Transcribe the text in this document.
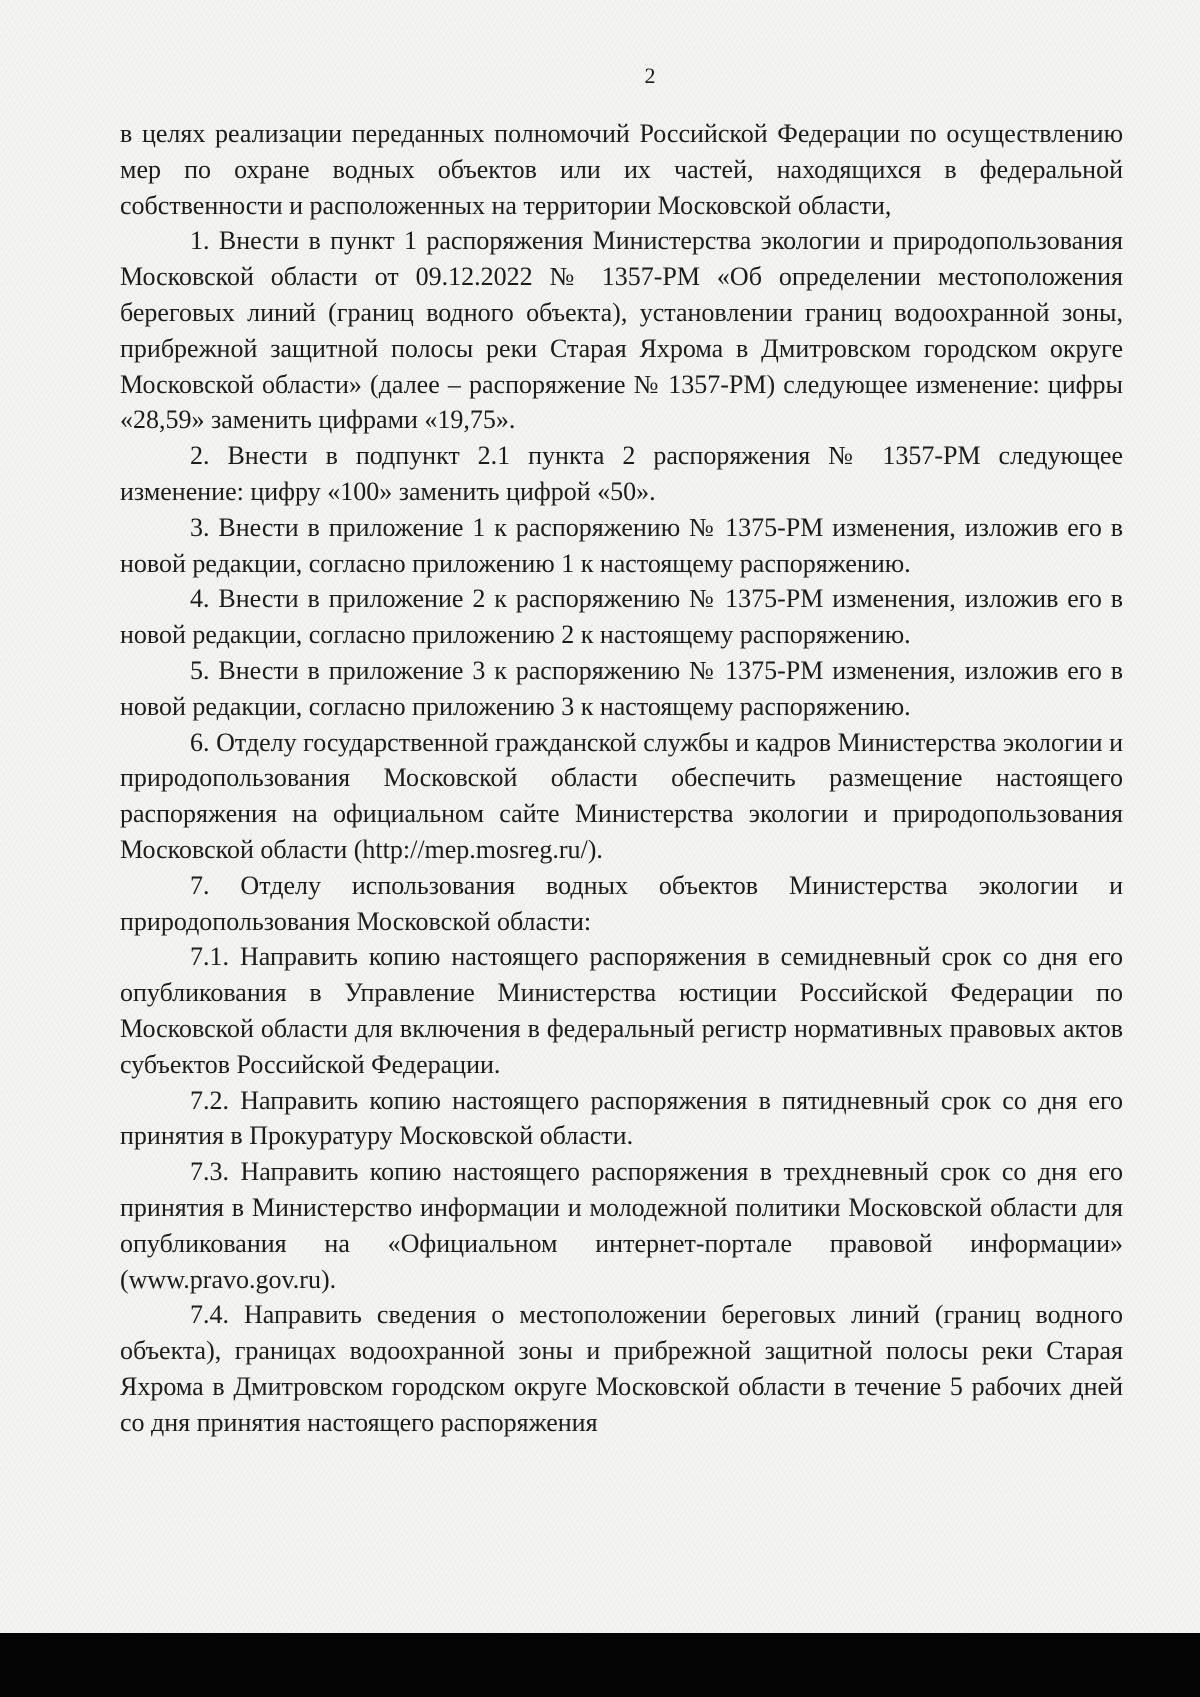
2

в целях реализации переданных полномочий Российской Федерации по осуществлению мер по охране водных объектов или их частей, находящихся в федеральной собственности и расположенных на территории Московской области,

1. Внести в пункт 1 распоряжения Министерства экологии и природопользования Московской области от 09.12.2022 № 1357-РМ «Об определении местоположения береговых линий (границ водного объекта), установлении границ водоохранной зоны, прибрежной защитной полосы реки Старая Яхрома в Дмитровском городском округе Московской области» (далее – распоряжение № 1357-РМ) следующее изменение: цифры «28,59» заменить цифрами «19,75».

2. Внести в подпункт 2.1 пункта 2 распоряжения № 1357-РМ следующее изменение: цифру «100» заменить цифрой «50».

3. Внести в приложение 1 к распоряжению № 1375-РМ изменения, изложив его в новой редакции, согласно приложению 1 к настоящему распоряжению.

4. Внести в приложение 2 к распоряжению № 1375-РМ изменения, изложив его в новой редакции, согласно приложению 2 к настоящему распоряжению.

5. Внести в приложение 3 к распоряжению № 1375-РМ изменения, изложив его в новой редакции, согласно приложению 3 к настоящему распоряжению.

6. Отделу государственной гражданской службы и кадров Министерства экологии и природопользования Московской области обеспечить размещение настоящего распоряжения на официальном сайте Министерства экологии и природопользования Московской области (http://mep.mosreg.ru/).

7. Отделу использования водных объектов Министерства экологии и природопользования Московской области:

7.1. Направить копию настоящего распоряжения в семидневный срок со дня его опубликования в Управление Министерства юстиции Российской Федерации по Московской области для включения в федеральный регистр нормативных правовых актов субъектов Российской Федерации.

7.2. Направить копию настоящего распоряжения в пятидневный срок со дня его принятия в Прокуратуру Московской области.

7.3. Направить копию настоящего распоряжения в трехдневный срок со дня его принятия в Министерство информации и молодежной политики Московской области для опубликования на «Официальном интернет-портале правовой информации» (www.pravo.gov.ru).

7.4. Направить сведения о местоположении береговых линий (границ водного объекта), границах водоохранной зоны и прибрежной защитной полосы реки Старая Яхрома в Дмитровском городском округе Московской области в течение 5 рабочих дней со дня принятия настоящего распоряжения
